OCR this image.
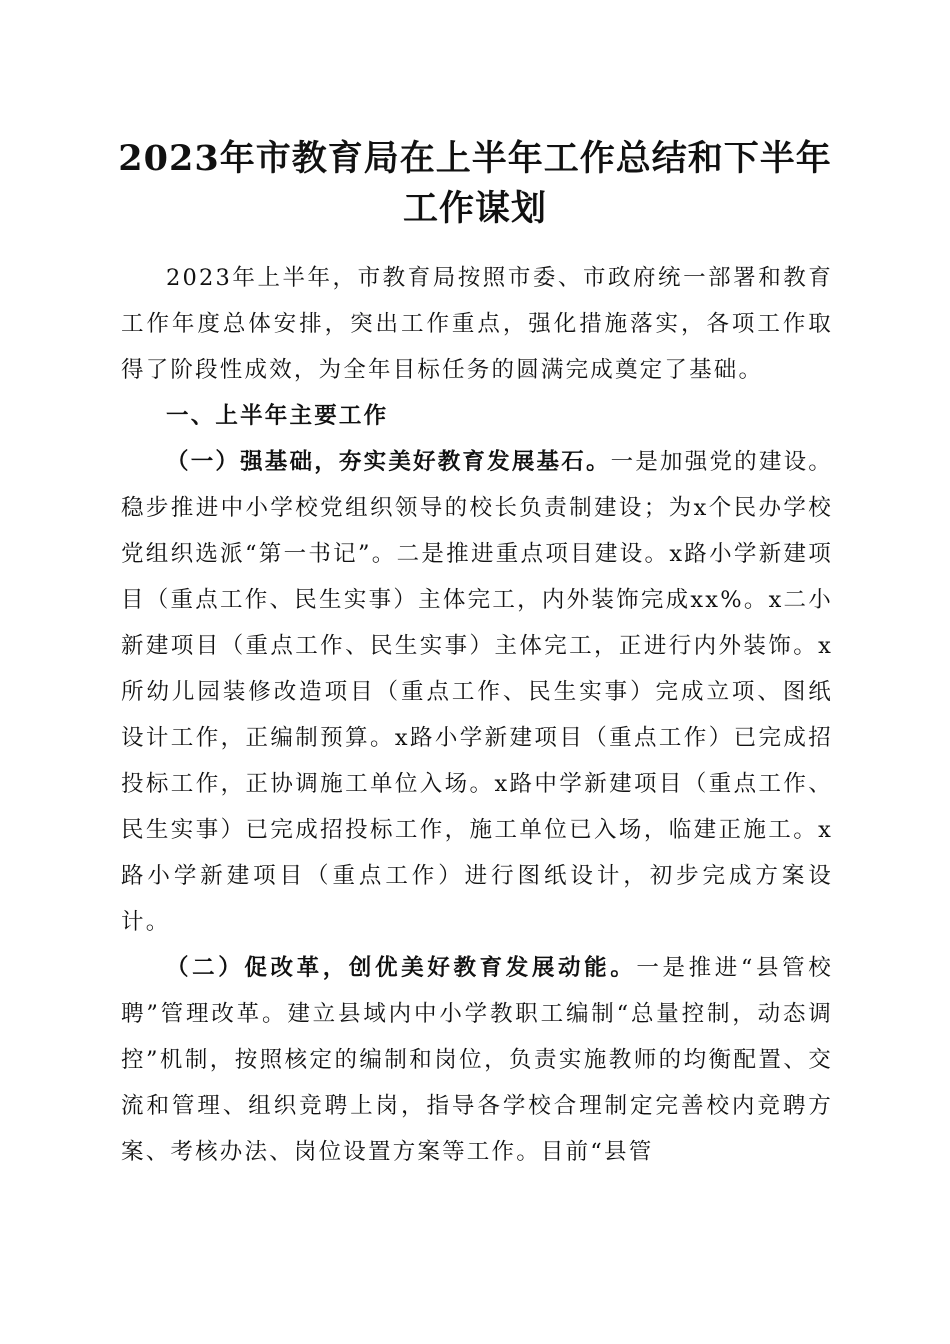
2023年市教育局在上半年工作总结和下半年
工作谋划

2023年上半年，市教育局按照市委、市政府统一部署和教育工作年度总体安排，突出工作重点，强化措施落实，各项工作取得了阶段性成效，为全年目标任务的圆满完成奠定了基础。

一、上半年主要工作

（一）强基础，夯实美好教育发展基石。一是加强党的建设。稳步推进中小学校党组织领导的校长负责制建设；为x个民办学校党组织选派“第一书记”。二是推进重点项目建设。x路小学新建项目（重点工作、民生实事）主体完工，内外装饰完成xx%。x二小新建项目（重点工作、民生实事）主体完工，正进行内外装饰。x所幼儿园装修改造项目（重点工作、民生实事）完成立项、图纸设计工作，正编制预算。x路小学新建项目（重点工作）已完成招投标工作，正协调施工单位入场。x路中学新建项目（重点工作、民生实事）已完成招投标工作，施工单位已入场，临建正施工。x路小学新建项目（重点工作）进行图纸设计，初步完成方案设计。

（二）促改革，创优美好教育发展动能。一是推进“县管校聘”管理改革。建立县域内中小学教职工编制“总量控制，动态调控”机制，按照核定的编制和岗位，负责实施教师的均衡配置、交流和管理、组织竞聘上岗，指导各学校合理制定完善校内竞聘方案、考核办法、岗位设置方案等工作。目前“县管
